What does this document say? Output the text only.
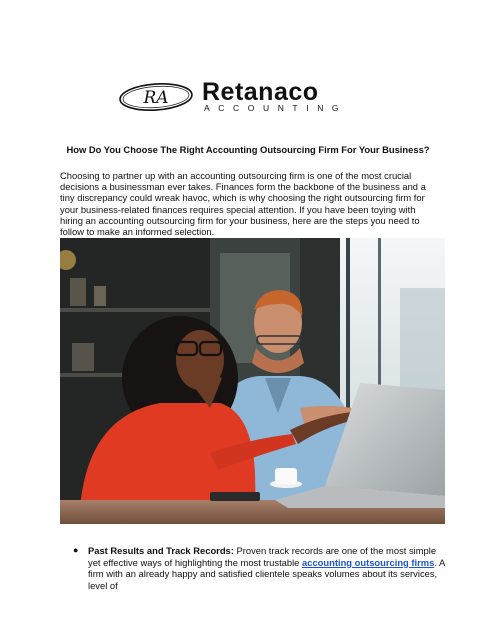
RA Retanaco
ACCOUNTING
How Do You Choose The Right Accounting Outsourcing Firm For Your Business?
Choosing to partner up with an accounting outsourcing firm is one of the most crucial decisions a businessman ever takes. Finances form the backbone of the business and a tiny discrepancy could wreak havoc, which is why choosing the right outsourcing firm for your business-related finances requires special attention. If you have been toying with hiring an accounting outsourcing firm for your business, here are the steps you need to follow to make an informed selection.
● Past Results and Track Records: Proven track records are one of the most simple yet effective ways of highlighting the most trustable accounting outsourcing firms. A firm with an already happy and satisfied clientele speaks volumes about its services, level of
